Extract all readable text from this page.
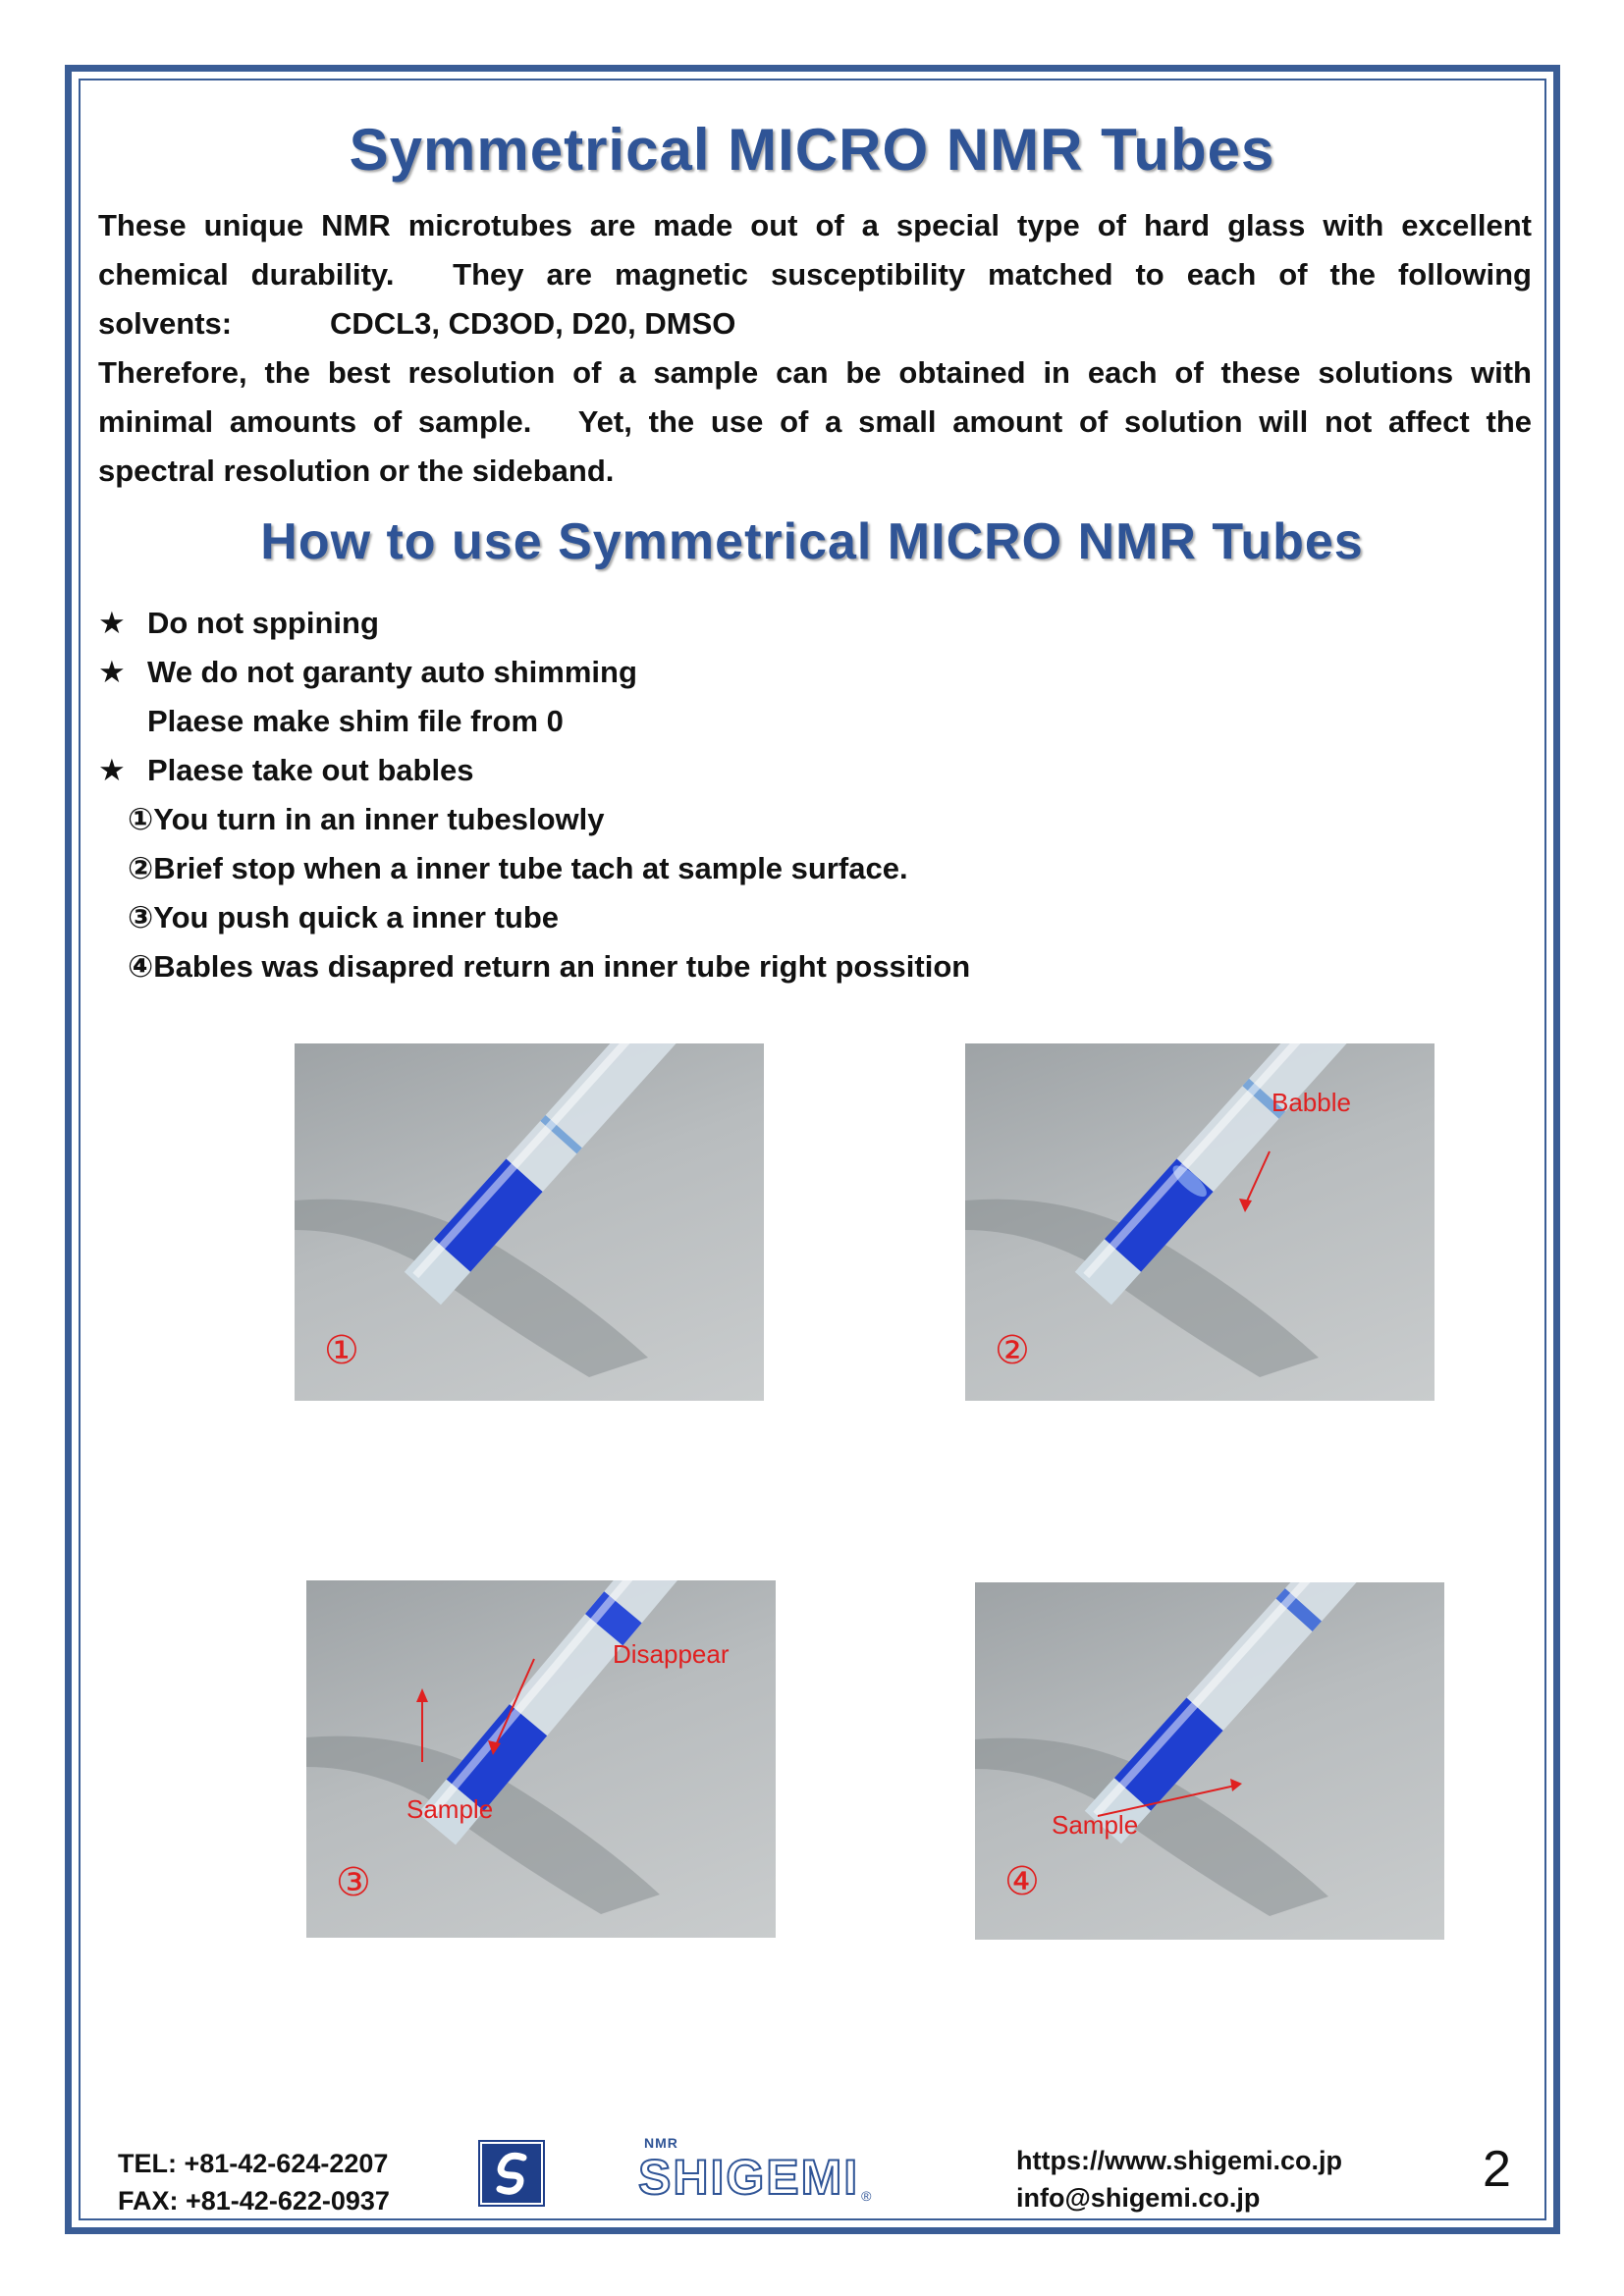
Symmetrical MICRO NMR Tubes

These unique NMR microtubes are made out of a special type of hard glass with excellent

chemical durability.　They are magnetic susceptibility matched to each of the following

solvents:	CDCL3, CD3OD, D20, DMSO

Therefore, the best resolution of a sample can be obtained in each of these solutions with

minimal amounts of sample.　Yet, the use of a small amount of solution will not affect the

spectral resolution or the sideband.

How to use Symmetrical MICRO NMR Tubes
★ Do not sppining
★ We do not garanty auto shimming
Plaese make shim file from 0
★ Plaese take out bables
①You turn in an inner tubeslowly
②Brief stop when a inner tube tach at sample surface.
③You push quick a inner tube
④Bables was disapred return an inner tube right possition
①
Babble
②
Disappear
Sample
③
Sample
④
TEL: +81-42-624-2207
FAX: +81-42-622-0937
NMR
SHIGEMI ®
https://www.shigemi.co.jp
info@shigemi.co.jp	2
